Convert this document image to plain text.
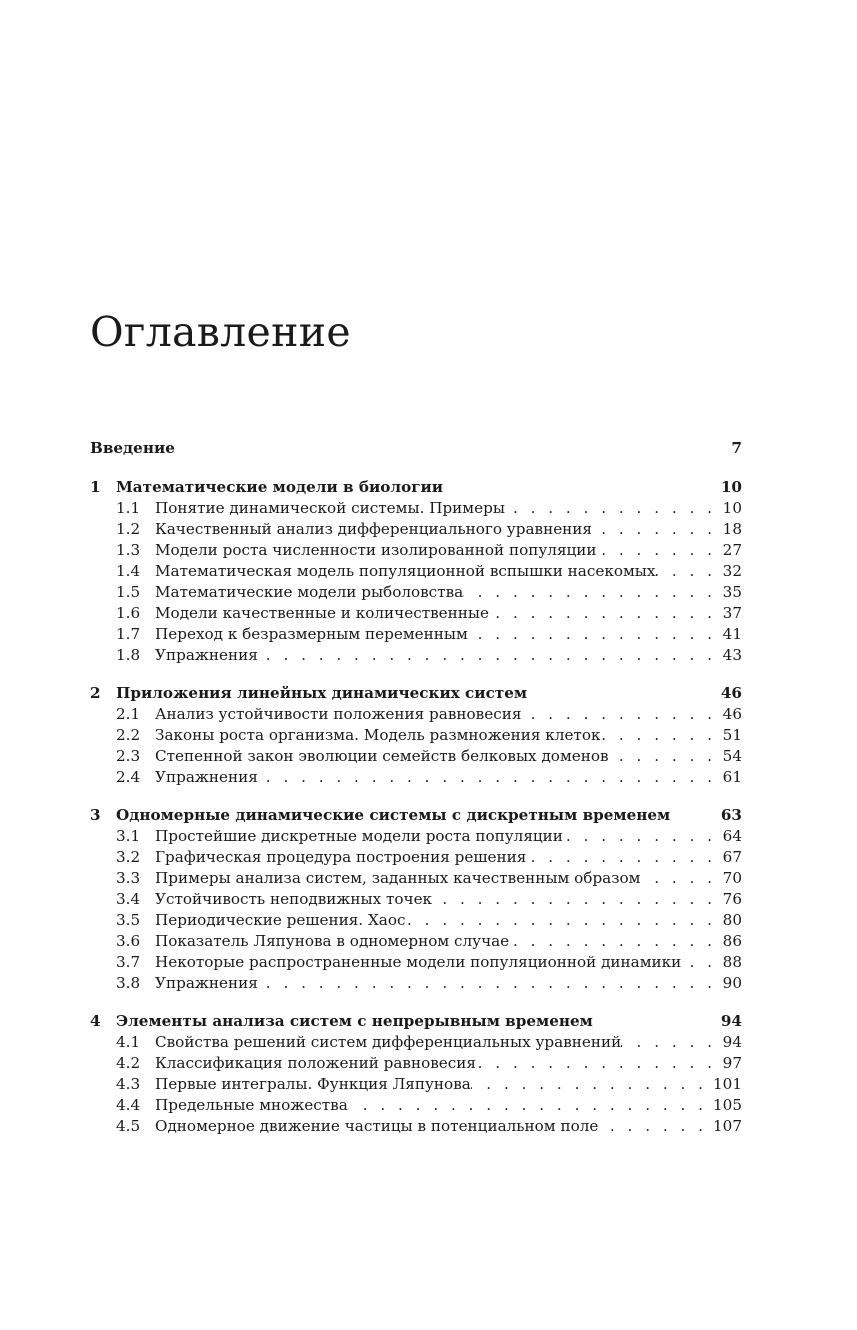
Оглавление
Введение	7
1	Математические модели в биологии	10
1.1 Понятие динамической системы. Примеры . . .	10
1.2 Качественный анализ дифференциального уравнения . . .	18
1.3 Модели роста численности изолированной популяции . . .	27
1.4 Математическая модель популяционной вспышки насекомых . . .	32
1.5 Математические модели рыболовства . . .	35
1.6 Модели качественные и количественные . . .	37
1.7 Переход к безразмерным переменным . . .	41
1.8 Упражнения . . .	43
2	Приложения линейных динамических систем	46
2.1 Анализ устойчивости положения равновесия . . .	46
2.2 Законы роста организма. Модель размножения клеток . . .	51
2.3 Степенной закон эволюции семейств белковых доменов . . .	54
2.4 Упражнения . . .	61
3	Одномерные динамические системы с дискретным временем	63
3.1 Простейшие дискретные модели роста популяции . . .	64
3.2 Графическая процедура построения решения . . .	67
3.3 Примеры анализа систем, заданных качественным образом . . .	70
3.4 Устойчивость неподвижных точек . . .	76
3.5 Периодические решения. Хаос . . .	80
3.6 Показатель Ляпунова в одномерном случае . . .	86
3.7 Некоторые распространенные модели популяционной динамики . . .	88
3.8 Упражнения . . .	90
4	Элементы анализа систем с непрерывным временем	94
4.1 Свойства решений систем дифференциальных уравнений . . .	94
4.2 Классификация положений равновесия . . .	97
4.3 Первые интегралы. Функция Ляпунова . . .	101
4.4 Предельные множества . . .	105
4.5 Одномерное движение частицы в потенциальном поле . . .	107
